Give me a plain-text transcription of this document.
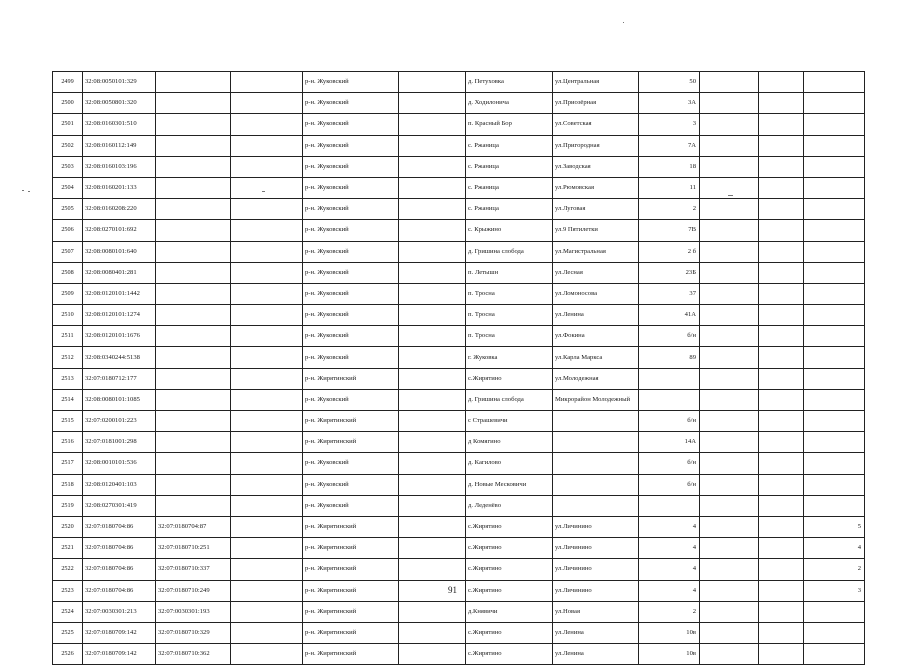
2499	32:08:0050101:329			р-н. Жуковский		д. Петуховка	ул.Центральная	50			
2500	32:08:0050801:320			р-н. Жуковский		д. Ходилонича	ул.Приозёрная	3А			
2501	32:08:0160301:510			р-н. Жуковский		п. Красный Бор	ул.Советская	3			
2502	32:08:0160112:149			р-н. Жуковский		с. Ржаница	ул.Пригородная	7А			
2503	32:08:0160103:196			р-н. Жуковский		с. Ржаница	ул.Заводская	18			
2504	32:08:0160201:133			р-н. Жуковский		с. Ржаница	ул.Рюмовская	11			
2505	32:08:0160208:220			р-н. Жуковский		с. Ржаница	ул.Луговая	2			
2506	32:08:0270101:692			р-н. Жуковский		с. Крыжино	ул.9 Пятилетки	7В			
2507	32:08:0080101:640			р-н. Жуковский		д. Гришина слобода	ул.Магистральная	2 б			
2508	32:08:0080401:281			р-н. Жуковский		п. Летышн	ул.Лесная	23Б			
2509	32:08:0120101:1442			р-н. Жуковский		п. Тросна	ул.Ломоносова	37			
2510	32:08:0120101:1274			р-н. Жуковский		п. Тросна	ул.Ленина	41А			
2511	32:08:0120101:1676			р-н. Жуковский		п. Тросна	ул.Фокина	б/н			
2512	32:08:0340244:5138			р-н. Жуковский		г. Жуковка	ул.Карла Маркса	89			
2513	32:07:0180712:177			р-н. Жирятинский		с.Жирятино	ул.Молодежная				
2514	32:08:0080101:1085			р-н. Жуковский		д. Гришина слобода	Микрорайон Молодежный				
2515	32:07:0200101:223			р-н. Жирятинский		с Страшевичи		б/н			
2516	32:07:0181001:298			р-н. Жирятинский		д Комягино		14А			
2517	32:08:0010101:536			р-н. Жуковский		д. Кагилово		б/н			
2518	32:08:0120401:103			р-н. Жуковский		д. Новые Месковичи		б/н			
2519	32:08:0270301:419			р-н. Жуковский		д. Леденёво					
2520	32:07:0180704:86	32:07:0180704:87		р-н. Жирятинский		с.Жирятино	ул.Личинино	4			5
2521	32:07:0180704:86	32:07:0180710:251		р-н. Жирятинский		с.Жирятино	ул.Личинино	4			4
2522	32:07:0180704:86	32:07:0180710:337		р-н. Жирятинский		с.Жирятино	ул.Личинино	4			2
2523	32:07:0180704:86	32:07:0180710:249		р-н. Жирятинский		с.Жирятино	ул.Личинино	4			3
2524	32:07:0030301:213	32:07:0030301:193		р-н. Жирятинский		д.Княвичи	ул.Новая	2			
2525	32:07:0180709:142	32:07:0180710:329		р-н. Жирятинский		с.Жирятино	ул.Ленина	10в			
2526	32:07:0180709:142	32:07:0180710:362		р-н. Жирятинский		с.Жирятино	ул.Ленина	10в			
91
